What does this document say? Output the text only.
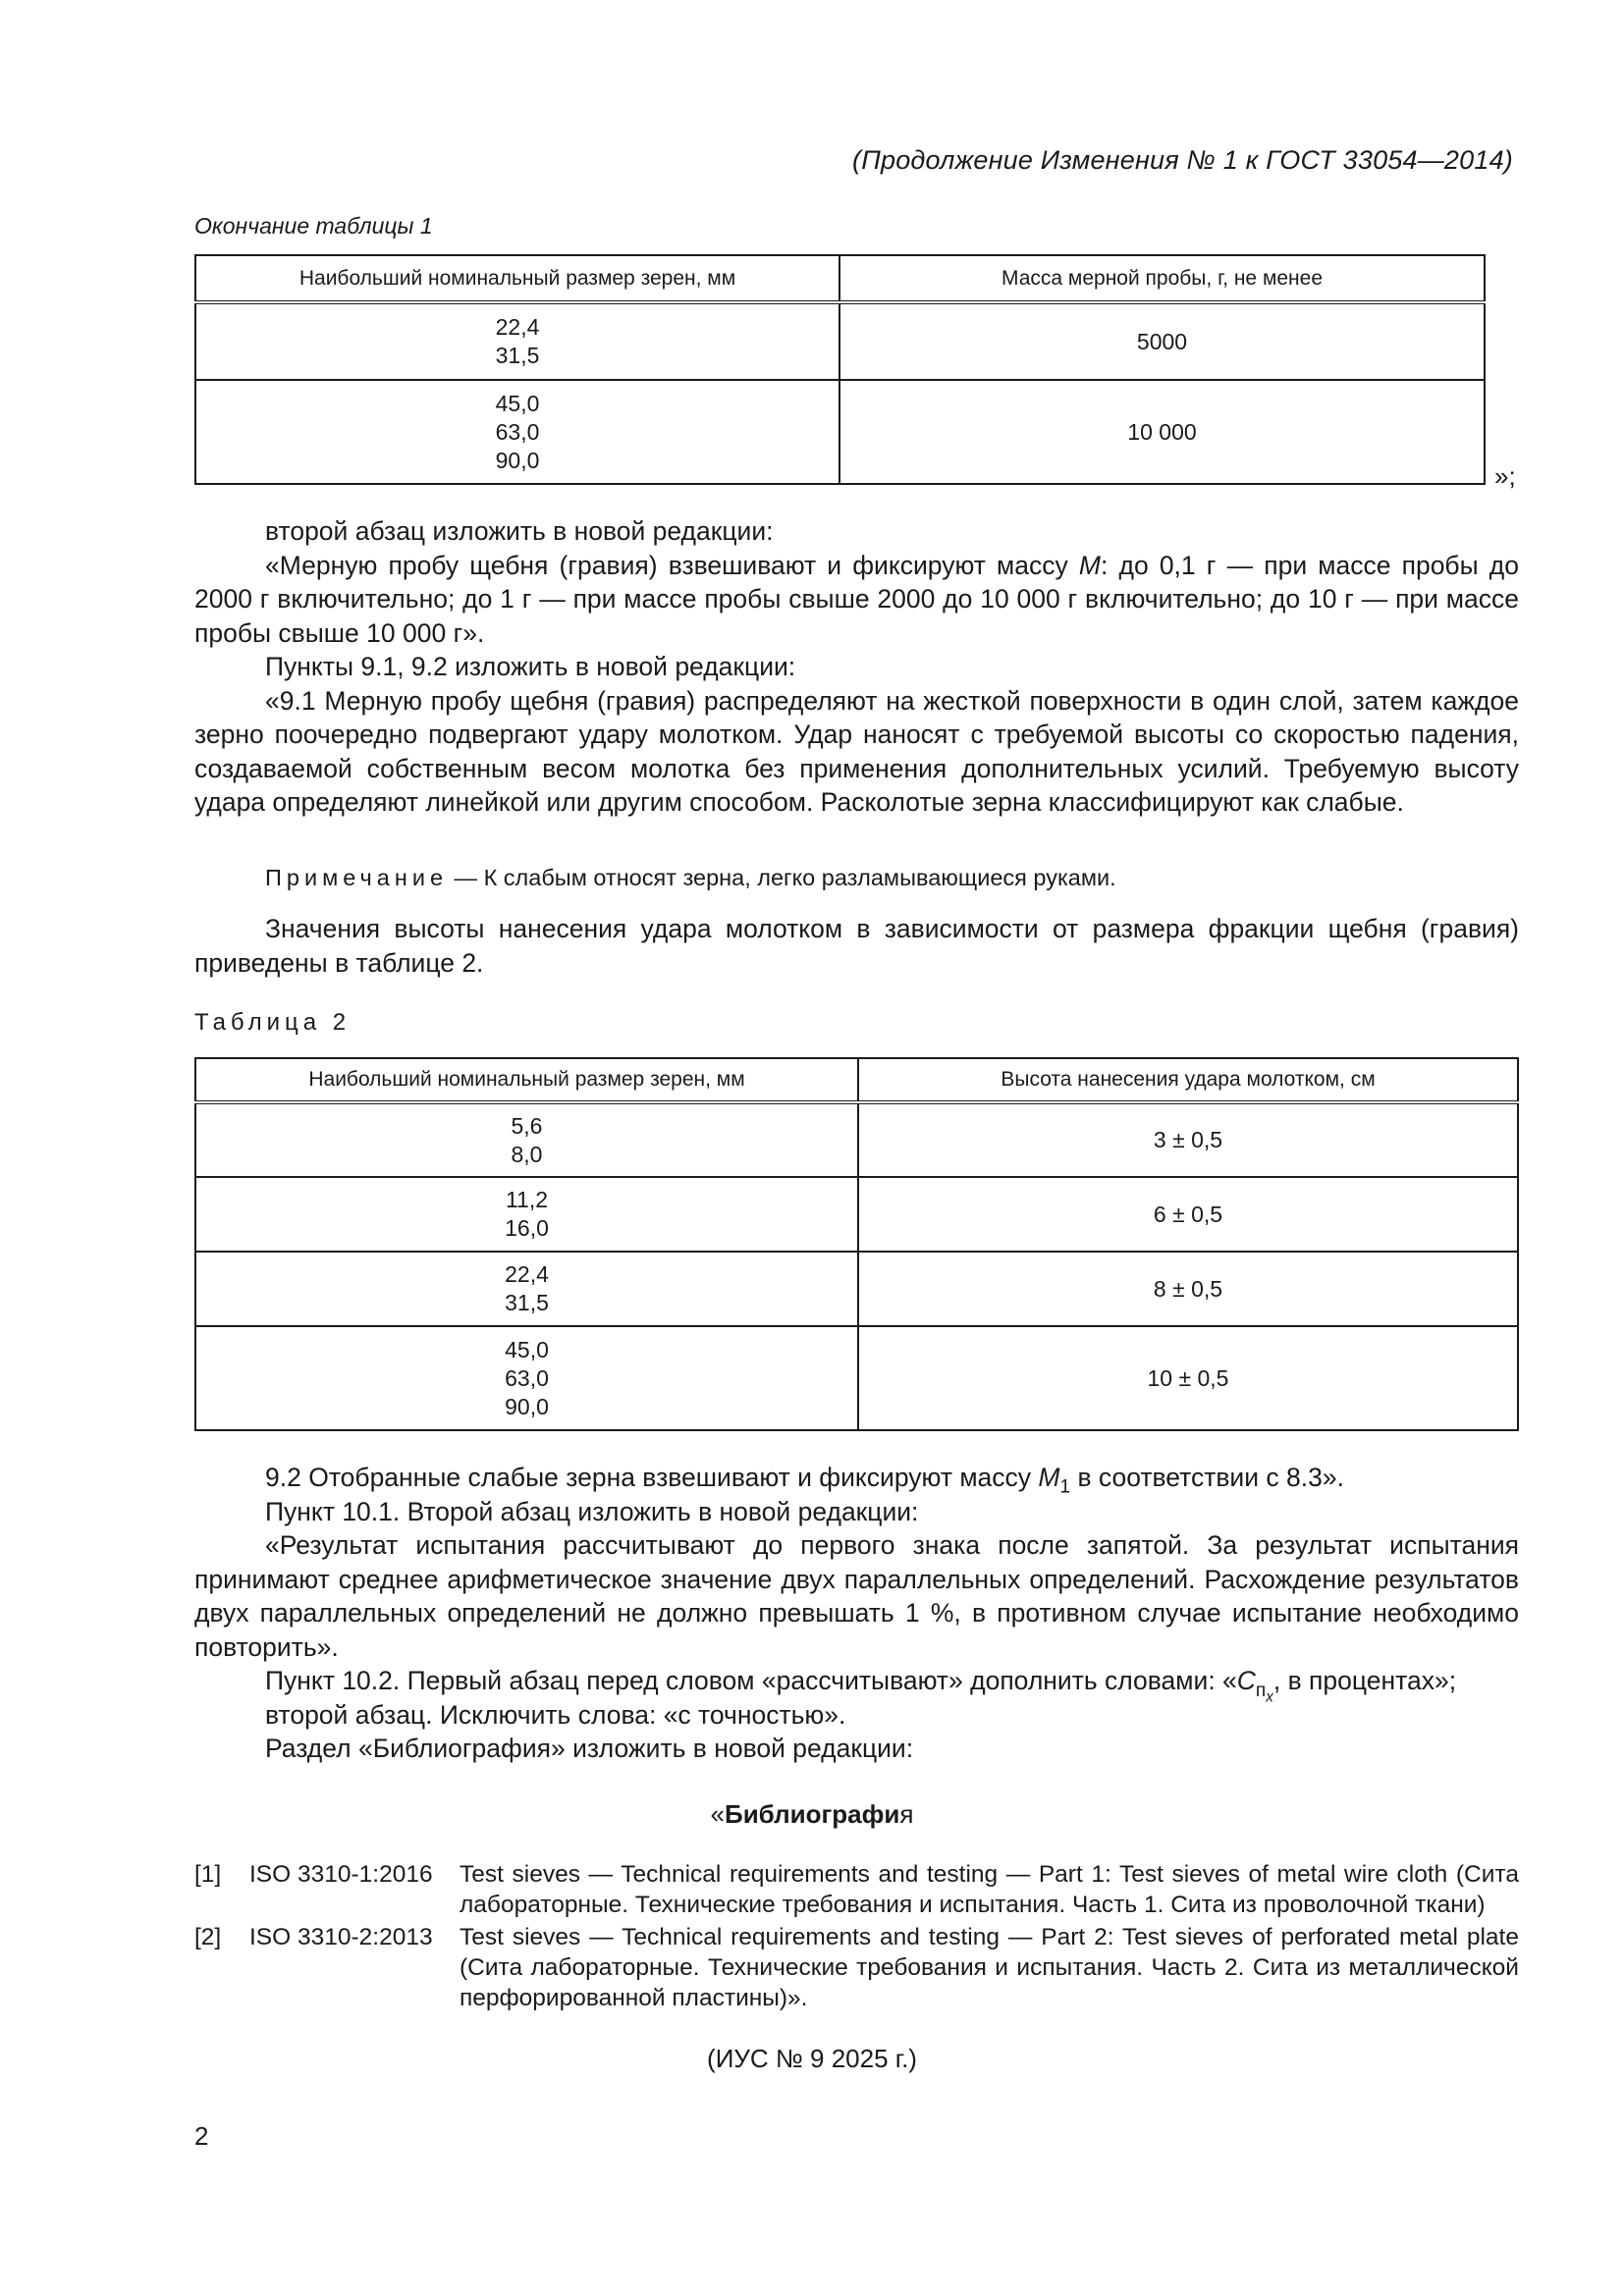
(Продолжение Изменения № 1 к ГОСТ 33054—2014)
Окончание таблицы 1
Наибольший номинальный размер зерен, мм	Масса мерной пробы, г, не менее

22,4
31,5	5000

45,0
63,0
90,0	10 000
»;

второй абзац изложить в новой редакции:

«Мерную пробу щебня (гравия) взвешивают и фиксируют массу M: до 0,1 г — при массе пробы до 2000 г включительно; до 1 г — при массе пробы свыше 2000 до 10 000 г включительно; до 10 г — при массе пробы свыше 10 000 г».

Пункты 9.1, 9.2 изложить в новой редакции:

«9.1 Мерную пробу щебня (гравия) распределяют на жесткой поверхности в один слой, затем каждое зерно поочередно подвергают удару молотком. Удар наносят с требуемой высоты со скоростью падения, создаваемой собственным весом молотка без применения дополнительных усилий. Требуемую высоту удара определяют линейкой или другим способом. Расколотые зерна классифицируют как слабые.

Примечание — К слабым относят зерна, легко разламывающиеся руками.

Значения высоты нанесения удара молотком в зависимости от размера фракции щебня (гравия) приведены в таблице 2.

Таблица 2
Наибольший номинальный размер зерен, мм	Высота нанесения удара молотком, см

5,6
8,0	3 ± 0,5

11,2
16,0	6 ± 0,5

22,4
31,5	8 ± 0,5

45,0
63,0
90,0	10 ± 0,5

9.2 Отобранные слабые зерна взвешивают и фиксируют массу $M_1$ в соответствии с 8.3».

Пункт 10.1. Второй абзац изложить в новой редакции:

«Результат испытания рассчитывают до первого знака после запятой. За результат испытания принимают среднее арифметическое значение двух параллельных определений. Расхождение результатов двух параллельных определений не должно превышать 1 %, в противном случае испытание необходимо повторить».

Пункт 10.2. Первый абзац перед словом «рассчитывают» дополнить словами: «$C_{п_x}$, в процентах»;

второй абзац. Исключить слова: «с точностью».

Раздел «Библиография» изложить в новой редакции:

«Библиография
[1] ISO 3310-1:2016 Test sieves — Technical requirements and testing — Part 1: Test sieves of metal wire cloth (Сита лабораторные. Технические требования и испытания. Часть 1. Сита из проволочной ткани)
[2] ISO 3310-2:2013 Test sieves — Technical requirements and testing — Part 2: Test sieves of perforated metal plate (Сита лабораторные. Технические требования и испытания. Часть 2. Сита из металлической перфорированной пластины)».
(ИУС № 9 2025 г.)
2
